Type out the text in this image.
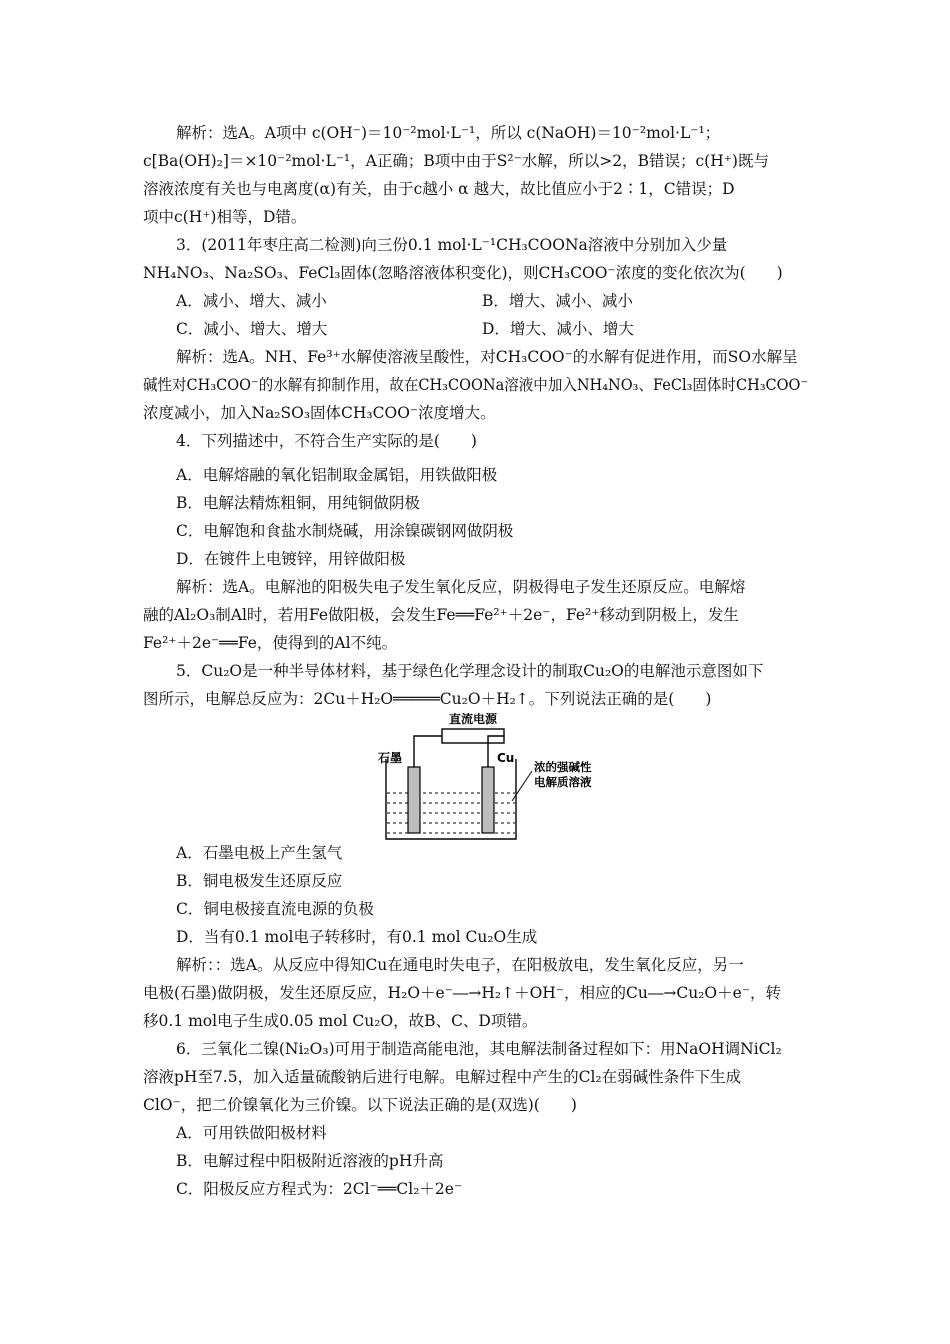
解析：选A。A项中 c(OH⁻)＝10⁻²mol·L⁻¹，所以 c(NaOH)＝10⁻²mol·L⁻¹；
c[Ba(OH)₂]＝×10⁻²mol·L⁻¹，A正确；B项中由于S²⁻水解，所以>2，B错误；c(H⁺)既与
溶液浓度有关也与电离度(α)有关，由于c越小 α 越大，故比值应小于2∶1，C错误；D
项中c(H⁺)相等，D错。
3．(2011年枣庄高二检测)向三份0.1 mol·L⁻¹CH₃COONa溶液中分别加入少量
NH₄NO₃、Na₂SO₃、FeCl₃固体(忽略溶液体积变化)，则CH₃COO⁻浓度的变化依次为(　　)
A．减小、增大、减小	B．增大、减小、减小
C．减小、增大、增大	D．增大、减小、增大
解析：选A。NH、Fe³⁺水解使溶液呈酸性，对CH₃COO⁻的水解有促进作用，而SO水解呈
碱性对CH₃COO⁻的水解有抑制作用，故在CH₃COONa溶液中加入NH₄NO₃、FeCl₃固体时CH₃COO⁻
浓度减小，加入Na₂SO₃固体CH₃COO⁻浓度增大。
4．下列描述中，不符合生产实际的是(　　)
A．电解熔融的氧化铝制取金属铝，用铁做阳极
B．电解法精炼粗铜，用纯铜做阴极
C．电解饱和食盐水制烧碱，用涂镍碳钢网做阴极
D．在镀件上电镀锌，用锌做阳极
解析：选A。电解池的阳极失电子发生氧化反应，阴极得电子发生还原反应。电解熔
融的Al₂O₃制Al时，若用Fe做阳极，会发生Fe══Fe²⁺＋2e⁻，Fe²⁺移动到阴极上，发生
Fe²⁺＋2e⁻══Fe，使得到的Al不纯。
5．Cu₂O是一种半导体材料，基于绿色化学理念设计的制取Cu₂O的电解池示意图如下
图所示，电解总反应为：2Cu＋H₂O═════Cu₂O＋H₂↑。下列说法正确的是(　　)
直流电源
石墨	Cu
浓的强碱性
电解质溶液
A．石墨电极上产生氢气
B．铜电极发生还原反应
C．铜电极接直流电源的负极
D．当有0.1 mol电子转移时，有0.1 mol Cu₂O生成
解析：：选A。从反应中得知Cu在通电时失电子，在阳极放电，发生氧化反应，另一
电极(石墨)做阴极，发生还原反应，H₂O＋e⁻―→H₂↑＋OH⁻，相应的Cu―→Cu₂O＋e⁻，转
移0.1 mol电子生成0.05 mol Cu₂O，故B、C、D项错。
6．三氧化二镍(Ni₂O₃)可用于制造高能电池，其电解法制备过程如下：用NaOH调NiCl₂
溶液pH至7.5，加入适量硫酸钠后进行电解。电解过程中产生的Cl₂在弱碱性条件下生成
ClO⁻，把二价镍氧化为三价镍。以下说法正确的是(双选)(　　)
A．可用铁做阳极材料
B．电解过程中阳极附近溶液的pH升高
C．阳极反应方程式为：2Cl⁻══Cl₂＋2e⁻
